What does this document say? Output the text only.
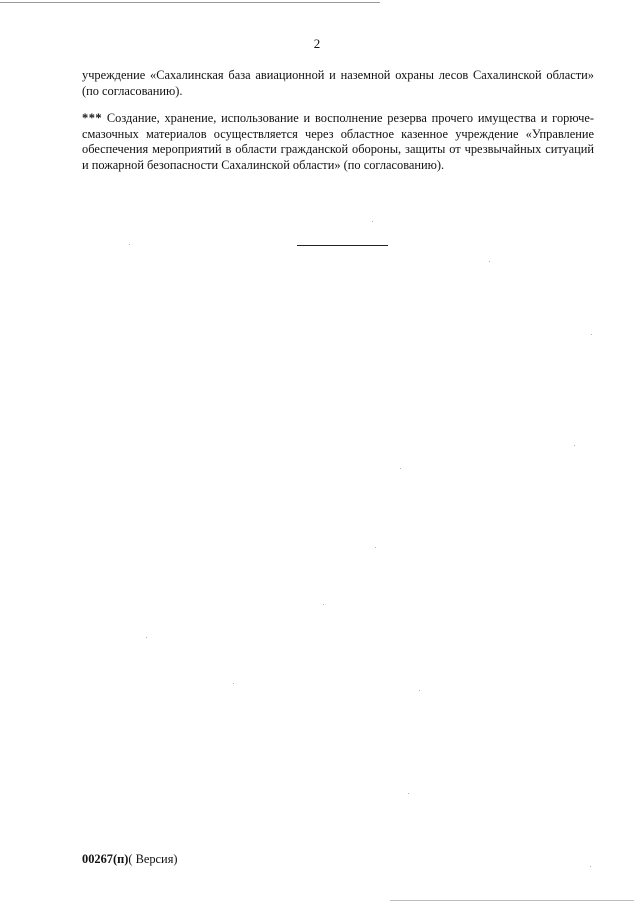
2

учреждение «Сахалинская база авиационной и наземной охраны лесов Сахалинской области» (по согласованию).

*** Создание, хранение, использование и восполнение резерва прочего имущества и горюче-смазочных материалов осуществляется через областное казенное учреждение «Управление обеспечения мероприятий в области гражданской обороны, защиты от чрезвычайных ситуаций и пожарной безопасности Сахалинской области» (по согласованию).

00267(п)( Версия)
